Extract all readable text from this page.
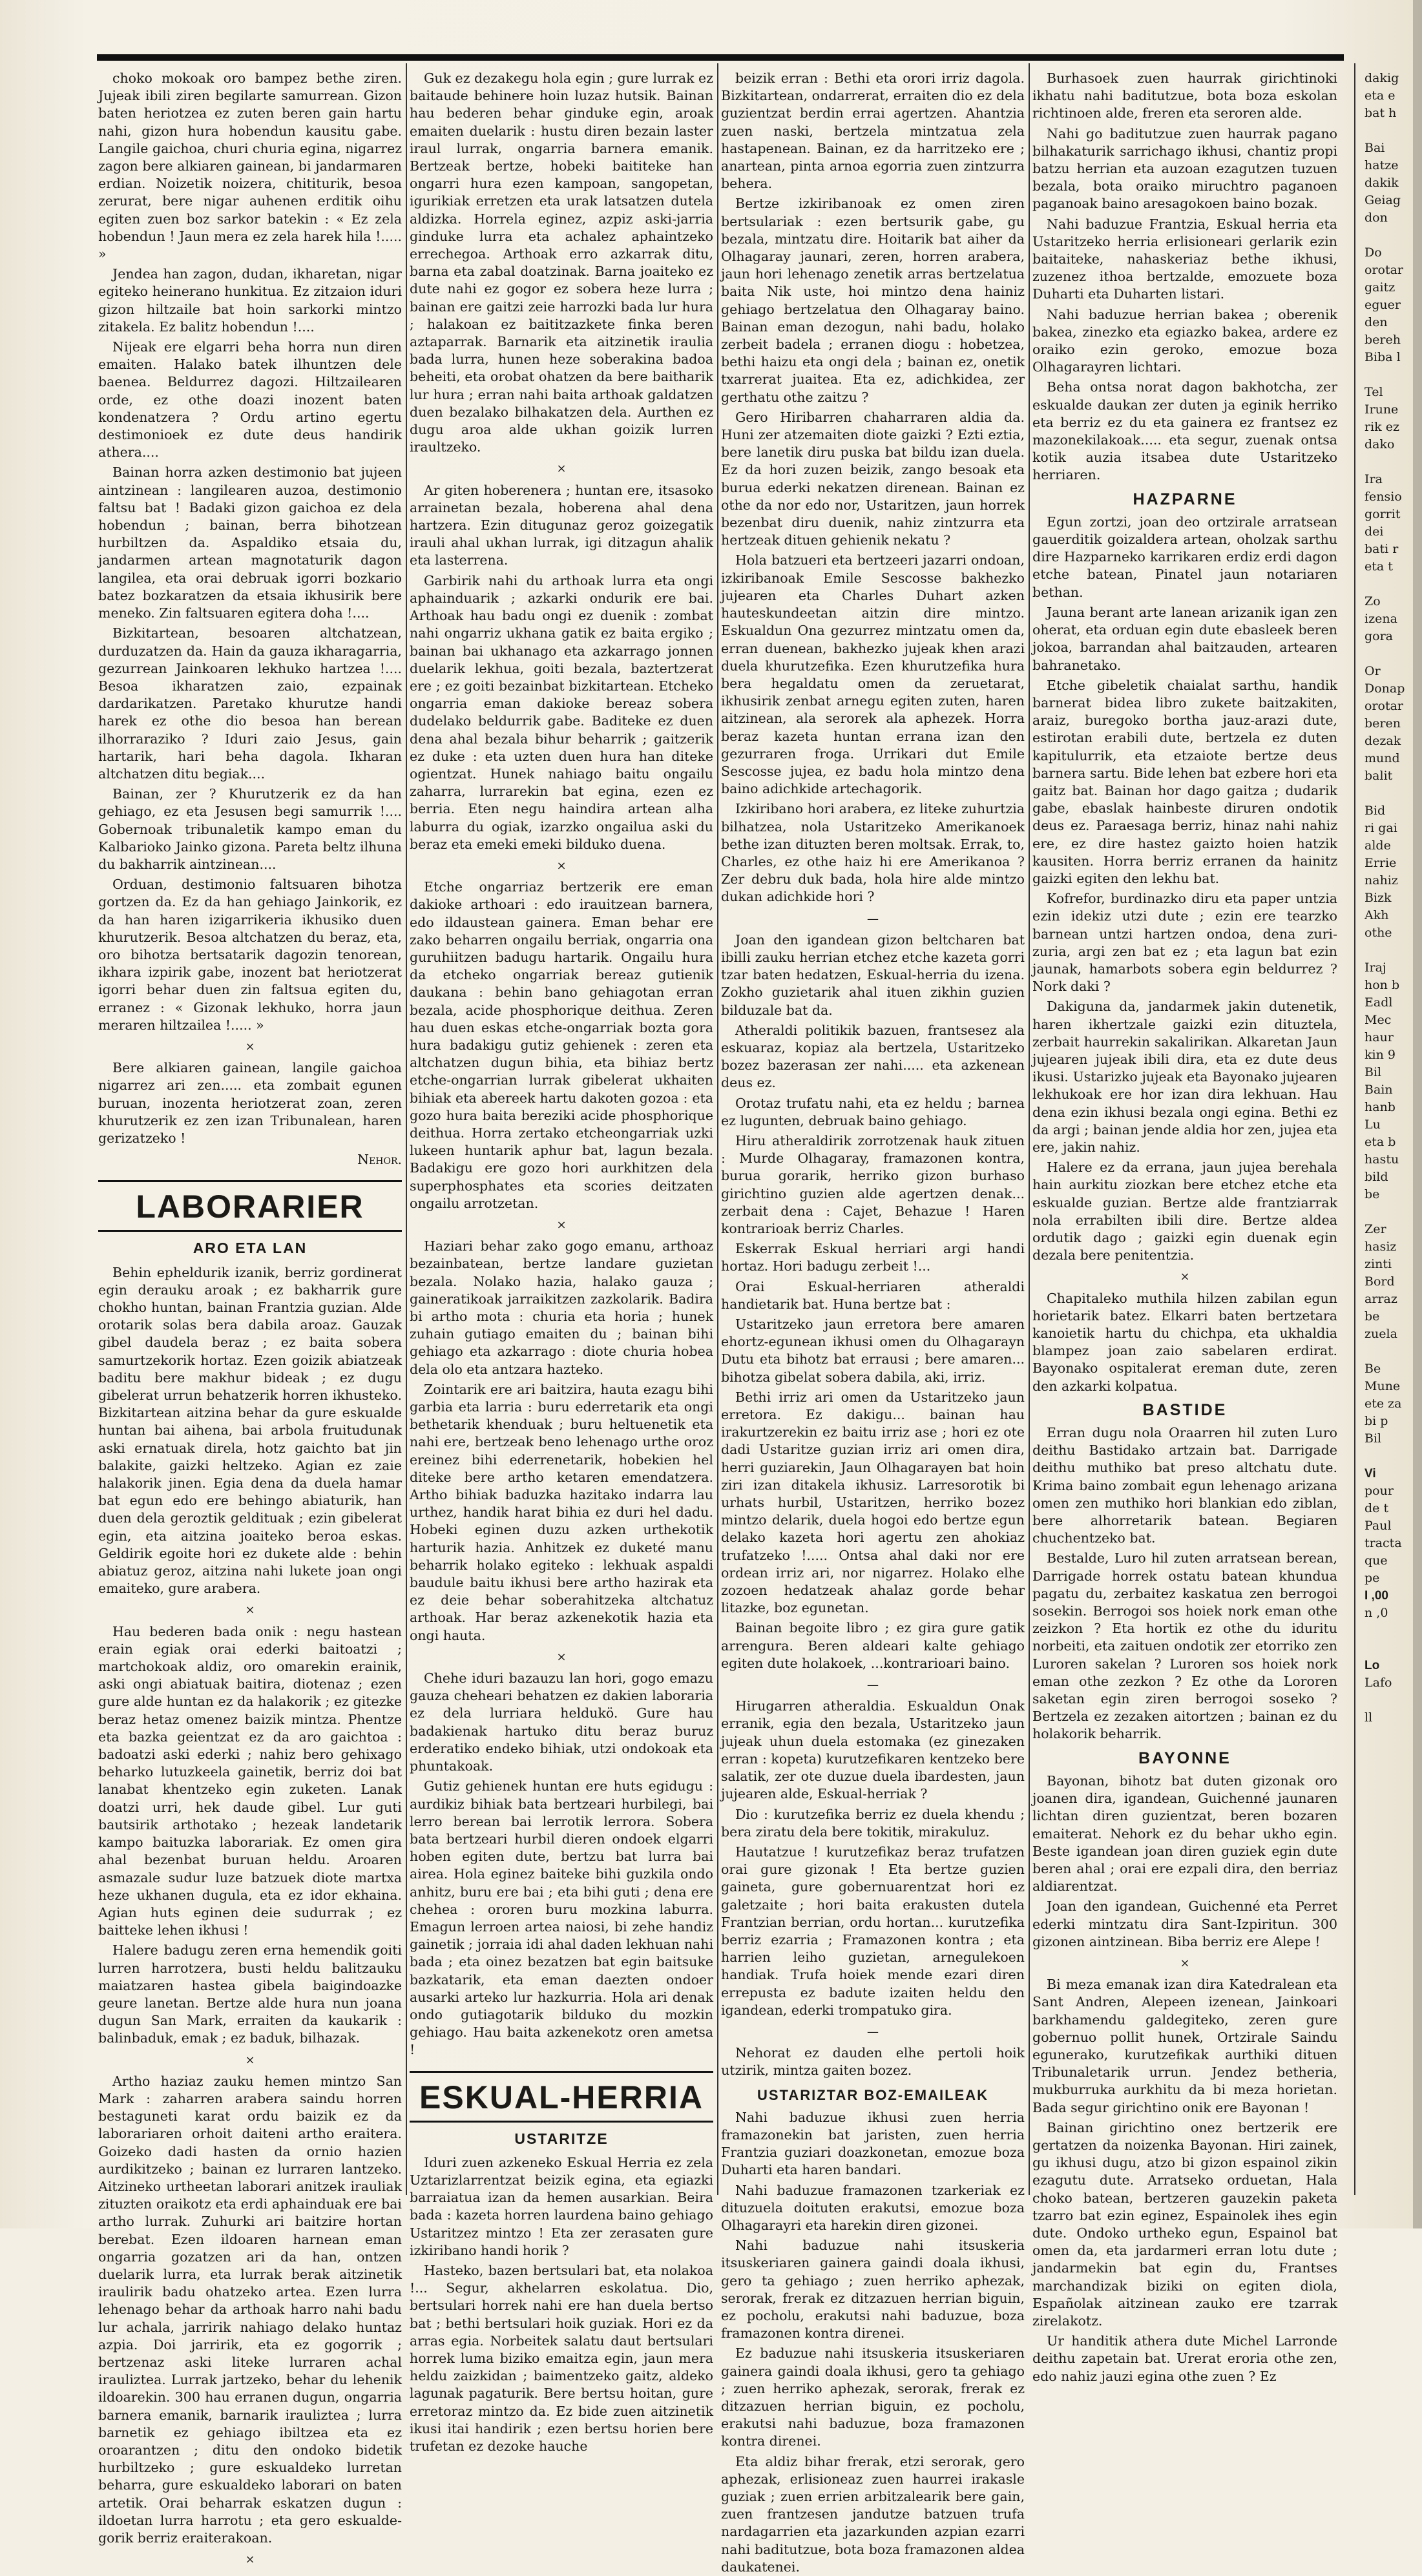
choko mokoak oro bampez bethe ziren. Jujeak ibili ziren begilarte samurrean. Gizon baten heriotzea ez zuten beren gain hartu nahi, gizon hura hobendun kausitu gabe. Langile gaichoa, churi churia egina, nigarrez zagon bere alkiaren gainean, bi jandarmaren erdian. Noizetik noizera, chititurik, besoa zerurat, bere nigar auhenen erditik oihu egiten zuen boz sarkor batekin : « Ez zela hobendun ! Jaun mera ez zela harek hila !..... »

Jendea han zagon, dudan, ikharetan, nigar egiteko heinerano hunkitua. Ez zitzaion iduri gizon hiltzaile bat hoin sarkorki mintzo zitakela. Ez balitz hobendun !....

Nijeak ere elgarri beha horra nun diren emaiten. Halako batek ilhuntzen dele baenea. Beldurrez dagozi. Hiltzailearen orde, ez othe doazi inozent baten kondenatzera ? Ordu artino egertu destimonioek ez dute deus handirik athera....

Bainan horra azken destimonio bat jujeen aintzinean : langilearen auzoa, destimonio faltsu bat ! Badaki gizon gaichoa ez dela hobendun ; bainan, berra bihotzean hurbiltzen da. Aspaldiko etsaia du, jandarmen artean magnotaturik dagon langilea, eta orai debruak igorri bozkario batez bozkaratzen da etsaia ikhusirik bere meneko. Zin faltsuaren egitera doha !....

Bizkitartean, besoaren altchatzean, durduzatzen da. Hain da gauza ikharagarria, gezurrean Jainkoaren lekhuko hartzea !.... Besoa ikharatzen zaio, ezpainak dardarikatzen. Paretako khurutze handi harek ez othe dio besoa han berean ilhorraraziko ? Iduri zaio Jesus, gain hartarik, hari beha dagola. Ikharan altchatzen ditu begiak....

Bainan, zer ? Khurutzerik ez da han gehiago, ez eta Jesusen begi samurrik !.... Gobernoak tribunaletik kampo eman du Kalbarioko Jainko gizona. Pareta beltz ilhuna du bakharrik aintzinean....

Orduan, destimonio faltsuaren bihotza gortzen da. Ez da han gehiago Jainkorik, ez da han haren izigarrikeria ikhusiko duen khurutzerik. Besoa altchatzen du beraz, eta, oro bihotza bertsatarik dagozin tenorean, ikhara izpirik gabe, inozent bat heriotzerat igorri behar duen zin faltsua egiten du, erranez : « Gizonak lekhuko, horra jaun meraren hiltzailea !..... »

×

Bere alkiaren gainean, langile gaichoa nigarrez ari zen..... eta zombait egunen buruan, inozenta heriotzerat zoan, zeren khurutzerik ez zen izan Tribunalean, haren gerizatzeko !

Nehor.
LABORARIER
ARO ETA LAN

Behin epheldurik izanik, berriz gordinerat egin derauku aroak ; ez bakharrik gure chokho huntan, bainan Frantzia guzian. Alde orotarik solas bera dabila aroaz. Gauzak gibel daudela beraz ; ez baita sobera samurtzekorik hortaz. Ezen goizik abiatzeak baditu bere makhur bideak ; ez dugu gibelerat urrun behatzerik horren ikhusteko. Bizkitartean aitzina behar da gure eskualde huntan bai aihena, bai arbola fruitudunak aski ernatuak direla, hotz gaichto bat jin balakite, gaizki heltzeko. Agian ez zaie halakorik jinen. Egia dena da duela hamar bat egun edo ere behingo abiaturik, han duen dela geroztik geldituak ; ezin gibelerat egin, eta aitzina joaiteko beroa eskas. Geldirik egoite hori ez dukete alde : behin abiatuz geroz, aitzina nahi lukete joan ongi emaiteko, gure arabera.

×

Hau bederen bada onik : negu hastean erain egiak orai ederki baitoatzi ; martchokoak aldiz, oro omarekin erainik, aski ongi abiatuak baitira, diotenaz ; ezen gure alde huntan ez da halakorik ; ez gitezke beraz hetaz omenez baizik mintza. Phentze eta bazka geientzat ez da aro gaichtoa : badoatzi aski ederki ; nahiz bero gehixago beharko lutuzkeela gainetik, berriz doi bat lanabat khentzeko egin zuketen. Lanak doatzi urri, hek daude gibel. Lur guti bautsirik arthotako ; hezeak landetarik kampo baituzka laborariak. Ez omen gira ahal bezenbat buruan heldu. Aroaren asmazale sudur luze batzuek diote martxa heze ukhanen dugula, eta ez idor ekhaina. Agian huts eginen deie sudurrak ; ez baitteke lehen ikhusi !

Halere badugu zeren erna hemendik goiti lurren harrotzera, busti heldu balitzauku maiatzaren hastea gibela baigindoazke geure lanetan. Bertze alde hura nun joana dugun San Mark, erraiten da kaukarik : balinbaduk, emak ; ez baduk, bilhazak.

×

Artho haziaz zauku hemen mintzo San Mark : zaharren arabera saindu horren bestaguneti karat ordu baizik ez da laborariaren orhoit daiteni artho eraitera. Goizeko dadi hasten da ornio hazien aurdikitzeko ; bainan ez lurraren lantzeko. Aitzineko urtheetan laborari anitzek irauliak zituzten oraikotz eta erdi aphainduak ere bai artho lurrak. Zuhurki ari baitzire hortan berebat. Ezen ildoaren harnean eman ongarria gozatzen ari da han, ontzen duelarik lurra, eta lurrak berak aitzinetik iraulirik badu ohatzeko artea. Ezen lurra lehenago behar da arthoak harro nahi badu lur achala, jarririk nahiago delako huntaz azpia. Doi jarririk, eta ez gogorrik ; bertzenaz aski liteke lurraren achal irauliztea. Lurrak jartzeko, behar du lehenik ildoarekin. 300 hau erranen dugun, ongarria barnera emanik, barnarik irauliztea ; lurra barnetik ez gehiago ibiltzea eta ez oroarantzen ; ditu den ondoko bidetik hurbiltzeko ; gure eskualdeko lurretan beharra, gure eskualdeko laborari on baten artetik. Orai beharrak eskatzen dugun : ildoetan lurra harrotu ; eta gero eskualde-gorik berriz eraiterakoan.

×

Guk ez dezakegu hola egin ; gure lurrak ez baitaude behinere hoin luzaz hutsik. Bainan hau bederen behar ginduke egin, aroak emaiten duelarik : hustu diren bezain laster iraul lurrak, ongarria barnera emanik. Bertzeak bertze, hobeki baititeke han ongarri hura ezen kampoan, sangopetan, igurikiak erretzen eta urak latsatzen dutela aldizka. Horrela eginez, azpiz aski-jarria ginduke lurra eta achalez aphaintzeko errechegoa. Arthoak erro azkarrak ditu, barna eta zabal doatzinak. Barna joaiteko ez dute nahi ez gogor ez sobera heze lurra ; bainan ere gaitzi zeie harrozki bada lur hura ; halakoan ez baititzazkete finka beren aztaparrak. Barnarik eta aitzinetik iraulia bada lurra, hunen heze soberakina badoa beheiti, eta orobat ohatzen da bere baitharik lur hura ; erran nahi baita arthoak galdatzen duen bezalako bilhakatzen dela. Aurthen ez dugu aroa alde ukhan goizik lurren iraultzeko.

×

Ar giten hoberenera ; huntan ere, itsasoko arrainetan bezala, hoberena ahal dena hartzera. Ezin ditugunaz geroz goizegatik irauli ahal ukhan lurrak, igi ditzagun ahalik eta lasterrena.

Garbirik nahi du arthoak lurra eta ongi aphainduarik ; azkarki ondurik ere bai. Arthoak hau badu ongi ez duenik : zombat nahi ongarriz ukhana gatik ez baita ergiko ; bainan bai ukhanago eta azkarrago jonnen duelarik lekhua, goiti bezala, baztertzerat ere ; ez goiti bezainbat bizkitartean. Etcheko ongarria eman dakioke bereaz sobera dudelako beldurrik gabe. Baditeke ez duen dena ahal bezala bihur beharrik ; gaitzerik ez duke : eta uzten duen hura han diteke ogientzat. Hunek nahiago baitu ongailu zaharra, lurrarekin bat egina, ezen ez berria. Eten negu haindira artean alha laburra du ogiak, izarzko ongailua aski du beraz eta emeki emeki bilduko duena.

×

Etche ongarriaz bertzerik ere eman dakioke arthoari : edo irauitzean barnera, edo ildaustean gainera. Eman behar ere zako beharren ongailu berriak, ongarria ona guruhiitzen badugu hartarik. Ongailu hura da etcheko ongarriak bereaz gutienik daukana : behin bano gehiagotan erran bezala, acide phosphorique deithua. Zeren hau duen eskas etche-ongarriak bozta gora hura badakigu gutiz gehienek : zeren eta altchatzen dugun bihia, eta bihiaz bertz etche-ongarrian lurrak gibelerat ukhaiten bihiak eta abereek hartu dakoten gozoa : eta gozo hura baita bereziki acide phosphorique deithua. Horra zertako etcheongarriak uzki lukeen huntarik aphur bat, lagun bezala. Badakigu ere gozo hori aurkhitzen dela superphosphates eta scories deitzaten ongailu arrotzetan.

×

Haziari behar zako gogo emanu, arthoaz bezainbatean, bertze landare guzietan bezala. Nolako hazia, halako gauza ; gaineratikoak jarraikitzen zazkolarik. Badira bi artho mota : churia eta horia ; hunek zuhain gutiago emaiten du ; bainan bihi gehiago eta azkarrago : diote churia hobea dela olo eta antzara hazteko.

Zointarik ere ari baitzira, hauta ezagu bihi garbia eta larria : buru ederretarik eta ongi bethetarik khenduak ; buru heltuenetik eta nahi ere, bertzeak beno lehenago urthe oroz ereinez bihi ederrenetarik, hobekien hel diteke bere artho ketaren emendatzera. Artho bihiak baduzka hazitako indarra lau urthez, handik harat bihia ez duri hel dadu. Hobeki eginen duzu azken urthekotik harturik hazia. Anhitzek ez duketé manu beharrik holako egiteko : lekhuak aspaldi baudule baitu ikhusi bere artho hazirak eta ez deie behar soberahitzeka altchatuz arthoak. Har beraz azkenekotik hazia eta ongi hauta.

×

Chehe iduri bazauzu lan hori, gogo emazu gauza cheheari behatzen ez dakien laboraria ez dela lurriara heldukö. Gure hau badakienak hartuko ditu beraz buruz erderatiko endeko bihiak, utzi ondokoak eta phuntakoak.

Gutiz gehienek huntan ere huts egidugu : aurdikiz bihiak bata bertzeari hurbilegi, bai lerro berean bai lerrotik lerrora. Sobera bata bertzeari hurbil dieren ondoek elgarri hoben egiten dute, bertzu bat lurra bai airea. Hola eginez baiteke bihi guzkila ondo anhitz, buru ere bai ; eta bihi guti ; dena ere chehea : ororen buru mozkina laburra. Emagun lerroen artea naiosi, bi zehe handiz gainetik ; jorraia idi ahal daden lekhuan nahi bada ; eta oinez bezatzen bat egin baitsuke bazkatarik, eta eman daezten ondoer ausarki arteko lur hazkurria. Hola ari denak ondo gutiagotarik bilduko du mozkin gehiago. Hau baita azkenekotz oren ametsa !

ESKUAL-HERRIA
USTARITZE

Iduri zuen azkeneko Eskual Herria ez zela Uztarizlarrentzat beizik egina, eta egiazki barraiatua izan da hemen ausarkian. Beira bada : kazeta horren laurdena baino gehiago Ustaritzez mintzo ! Eta zer zerasaten gure izkiribano handi horik ?

Hasteko, bazen bertsulari bat, eta nolakoa !... Segur, akhelarren eskolatua. Dio, bertsulari horrek nahi ere han duela bertso bat ; bethi bertsulari hoik guziak. Hori ez da arras egia. Norbeitek salatu daut bertsulari horrek luma biziko emaitza egin, jaun mera heldu zaizkidan ; baimentzeko gaitz, aldeko lagunak pagaturik. Bere bertsu hoitan, gure erretoraz mintzo da. Ez bide zuen aitzinetik ikusi itai handirik ; ezen bertsu horien bere trufetan ez dezoke hauche

beizik erran : Bethi eta orori irriz dagola. Bizkitartean, ondarrerat, erraiten dio ez dela guzientzat berdin errai agertzen. Ahantzia zuen naski, bertzela mintzatua zela hastapenean. Bainan, ez da harritzeko ere ; anartean, pinta arnoa egorria zuen zintzurra behera.

Bertze izkiribanoak ez omen ziren bertsulariak : ezen bertsurik gabe, gu bezala, mintzatu dire. Hoitarik bat aiher da Olhagaray jaunari, zeren, horren arabera, jaun hori lehenago zenetik arras bertzelatua baita Nik uste, hoi mintzo dena hainiz gehiago bertzelatua den Olhagaray baino. Bainan eman dezogun, nahi badu, holako zerbeit badela ; erranen diogu : hobetzea, bethi haizu eta ongi dela ; bainan ez, onetik txarrerat juaitea. Eta ez, adichkidea, zer gerthatu othe zaitzu ?

Gero Hiribarren chaharraren aldia da. Huni zer atzemaiten diote gaizki ? Ezti eztia, bere lanetik diru puska bat bildu izan duela. Ez da hori zuzen beizik, zango besoak eta burua ederki nekatzen direnean. Bainan ez othe da nor edo nor, Ustaritzen, jaun horrek bezenbat diru duenik, nahiz zintzurra eta hertzeak dituen gehienik nekatu ?

Hola batzueri eta bertzeeri jazarri ondoan, izkiribanoak Emile Sescosse bakhezko jujearen eta Charles Duhart azken hauteskundeetan aitzin dire mintzo. Eskualdun Ona gezurrez mintzatu omen da, erran duenean, bakhezko jujeak khen arazi duela khurutzefika. Ezen khurutzefika hura bera hegaldatu omen da zeruetarat, ikhusirik zenbat arnegu egiten zuten, haren aitzinean, ala serorek ala aphezek. Horra beraz kazeta huntan errana izan den gezurraren froga. Urrikari dut Emile Sescosse jujea, ez badu hola mintzo dena baino adichkide artechagorik.

Izkiribano hori arabera, ez liteke zuhurtzia bilhatzea, nola Ustaritzeko Amerikanoek bethe izan dituzten beren moltsak. Errak, to, Charles, ez othe haiz hi ere Amerikanoa ? Zer debru duk bada, hola hire alde mintzo dukan adichkide hori ?

—

Joan den igandean gizon beltcharen bat ibilli zauku herrian etchez etche kazeta gorri tzar baten hedatzen, Eskual-herria du izena. Zokho guzietarik ahal ituen zikhin guzien bilduzale bat da.

Atheraldi politikik bazuen, frantsesez ala eskuaraz, kopiaz ala bertzela, Ustaritzeko bozez bazerasan zer nahi..... eta azkenean deus ez.

Orotaz trufatu nahi, eta ez heldu ; barnea ez lugunten, debruak baino gehiago.

Hiru atheraldirik zorrotzenak hauk zituen : Murde Olhagaray, framazonen kontra, burua gorarik, herriko gizon burhaso girichtino guzien alde agertzen denak... zerbait dena : Cajet, Behazue ! Haren kontrarioak berriz Charles.

Eskerrak Eskual herriari argi handi hortaz. Hori badugu zerbeit !...

Orai Eskual-herriaren atheraldi handietarik bat. Huna bertze bat :

Ustaritzeko jaun erretora bere amaren ehortz-egunean ikhusi omen du Olhagarayn Dutu eta bihotz bat errausi ; bere amaren... bihotza gibelat sobera dabila, aki, irriz.

Bethi irriz ari omen da Ustaritzeko jaun erretora. Ez dakigu... bainan hau irakurtzerekin ez baitu irriz ase ; hori ez ote dadi Ustaritze guzian irriz ari omen dira, herri guziarekin, Jaun Olhagarayen bat hoin ziri izan ditakela ikhusiz. Larresorotik bi urhats hurbil, Ustaritzen, herriko bozez mintzo delarik, duela hogoi edo bertze egun delako kazeta hori agertu zen ahokiaz trufatzeko !..... Ontsa ahal daki nor ere ordean irriz ari, nor nigarrez. Holako elhe zozoen hedatzeak ahalaz gorde behar litazke, boz egunetan.

Bainan begoite libro ; ez gira gure gatik arrengura. Beren aldeari kalte gehiago egiten dute holakoek, ...kontrarioari baino.

—

Hirugarren atheraldia. Eskualdun Onak erranik, egia den bezala, Ustaritzeko jaun jujeak uhun duela estomaka (ez ginezaken erran : kopeta) kurutzefikaren kentzeko bere salatik, zer ote duzue duela ibardesten, jaun jujearen alde, Eskual-herriak ?

Dio : kurutzefika berriz ez duela khendu ; bera ziratu dela bere tokitik, mirakuluz.

Hautatzue ! kurutzefikaz beraz trufatzen orai gure gizonak ! Eta bertze guzien gaineta, gure gobernuarentzat hori ez galetzaite ; hori baita erakusten dutela Frantzian berrian, ordu hortan... kurutzefika berriz ezarria ; Framazonen kontra ; eta harrien leiho guzietan, arnegulekoen handiak. Trufa hoiek mende ezari diren errepusta ez badute izaiten heldu den igandean, ederki trompatuko gira.

—

Nehorat ez dauden elhe pertoli hoik utzirik, mintza gaiten bozez.

USTARIZTAR BOZ-EMAILEAK

Nahi baduzue ikhusi zuen herria framazonekin bat jaristen, zuen herria Frantzia guziari doazkonetan, emozue boza Duharti eta haren bandari.

Nahi baduzue framazonen tzarkeriak ez dituzuela doituten erakutsi, emozue boza Olhagarayri eta harekin diren gizonei.

Nahi baduzue nahi itsuskeria itsuskeriaren gainera gaindi doala ikhusi, gero ta gehiago ; zuen herriko aphezak, serorak, frerak ez ditzazuen herrian biguin, ez pocholu, erakutsi nahi baduzue, boza framazonen kontra direnei.

Ez baduzue nahi itsuskeria itsuskeriaren gainera gaindi doala ikhusi, gero ta gehiago ; zuen herriko aphezak, serorak, frerak ez ditzazuen herrian biguin, ez pocholu, erakutsi nahi baduzue, boza framazonen kontra direnei.

Eta aldiz bihar frerak, etzi serorak, gero aphezak, erlisioneaz zuen haurrei irakasle guziak ; zuen errien arbitzalearik bere gain, zuen frantzesen jandutze batzuen trufa nardagarrien eta jazarkunden azpian ezarri nahi baditutzue, bota boza framazonen aldea daukatenei.

Burhasoek zuen haurrak girichtinoki ikhatu nahi baditutzue, bota boza eskolan richtinoen alde, freren eta seroren alde.

Nahi go baditutzue zuen haurrak pagano bilhakaturik sarrichago ikhusi, chantiz propi batzu herrian eta auzoan ezagutzen tuzuen bezala, bota oraiko miruchtro paganoen paganoak baino aresagokoen baino bozak.

Nahi baduzue Frantzia, Eskual herria eta Ustaritzeko herria erlisioneari gerlarik ezin baitaiteke, nahaskeriaz bethe ikhusi, zuzenez ithoa bertzalde, emozuete boza Duharti eta Duharten listari.

Nahi baduzue herrian bakea ; oberenik bakea, zinezko eta egiazko bakea, ardere ez oraiko ezin geroko, emozue boza Olhagarayren lichtari.

Beha ontsa norat dagon bakhotcha, zer eskualde daukan zer duten ja eginik herriko eta berriz ez du eta gainera ez frantsez ez mazonekilakoak..... eta segur, zuenak ontsa kotik auzia itsabea dute Ustaritzeko herriaren.

HAZPARNE

Egun zortzi, joan deo ortzirale arratsean gauerditik goizaldera artean, oholzak sarthu dire Hazparneko karrikaren erdiz erdi dagon etche batean, Pinatel jaun notariaren bethan.

Jauna berant arte lanean arizanik igan zen oherat, eta orduan egin dute ebasleek beren jokoa, barrandan ahal baitzauden, artearen bahranetako.

Etche gibeletik chaialat sarthu, handik barnerat bidea libro zukete baitzakiten, araiz, buregoko bortha jauz-arazi dute, estirotan erabili dute, bertzela ez duten kapitulurrik, eta etzaiote bertze deus barnera sartu. Bide lehen bat ezbere hori eta gaitz bat. Bainan hor dago gaitza ; dudarik gabe, ebaslak hainbeste diruren ondotik deus ez. Paraesaga berriz, hinaz nahi nahiz ere, ez dire hastez gaizto hoien hatzik kausiten. Horra berriz erranen da hainitz gaizki egiten den lekhu bat.

Kofrefor, burdinazko diru eta paper untzia ezin idekiz utzi dute ; ezin ere tearzko barnean untzi hartzen ondoa, dena zuri-zuria, argi zen bat ez ; eta lagun bat ezin jaunak, hamarbots sobera egin beldurrez ? Nork daki ?

Dakiguna da, jandarmek jakin dutenetik, haren ikhertzale gaizki ezin dituztela, zerbait haurrekin sakalirikan. Alkaretan Jaun jujearen jujeak ibili dira, eta ez dute deus ikusi. Ustarizko jujeak eta Bayonako jujearen lekhukoak ere hor izan dira lekhuan. Hau dena ezin ikhusi bezala ongi egina. Bethi ez da argi ; bainan jende aldia hor zen, jujea eta ere, jakin nahiz.

Halere ez da errana, jaun jujea berehala hain aurkitu ziozkan bere etchez etche eta eskualde guzian. Bertze alde frantziarrak nola errabilten ibili dire. Bertze aldea ordutik dago ; gaizki egin duenak egin dezala bere penitentzia.

×

Chapitaleko muthila hilzen zabilan egun horietarik batez. Elkarri baten bertzetara kanoietik hartu du chichpa, eta ukhaldia blampez joan zaio sabelaren erdirat. Bayonako ospitalerat ereman dute, zeren den azkarki kolpatua.

BASTIDE

Erran dugu nola Oraarren hil zuten Luro deithu Bastidako artzain bat. Darrigade deithu muthiko bat preso altchatu dute. Krima baino zombait egun lehenago arizana omen zen muthiko hori blankian edo ziblan, bere alhorretarik batean. Begiaren chuchentzeko bat.

Bestalde, Luro hil zuten arratsean berean, Darrigade horrek ostatu batean khundua pagatu du, zerbaitez kaskatua zen berrogoi sosekin. Berrogoi sos hoiek nork eman othe zeizkon ? Eta hortik ez othe du iduritu norbeiti, eta zaituen ondotik zer etorriko zen Luroren sakelan ? Luroren sos hoiek nork eman othe zezkon ? Ez othe da Lororen saketan egin ziren berrogoi soseko ? Bertzela ez zezaken aitortzen ; bainan ez du holakorik beharrik.

BAYONNE

Bayonan, bihotz bat duten gizonak oro joanen dira, igandean, Guichenné jaunaren lichtan diren guzientzat, beren bozaren emaiterat. Nehork ez du behar ukho egin. Beste igandean joan diren guziek egin dute beren ahal ; orai ere ezpali dira, den berriaz aldiarentzat.

Joan den igandean, Guichenné eta Perret ederki mintzatu dira Sant-Izpiritun. 300 gizonen aintzinean. Biba berriz ere Alepe !

×

Bi meza emanak izan dira Katedralean eta Sant Andren, Alepeen izenean, Jainkoari barkhamendu galdegiteko, zeren gure gobernuo pollit hunek, Ortzirale Saindu egunerako, kurutzefikak aurthiki dituen Tribunaletarik urrun. Jendez betheria, mukburruka aurkhitu da bi meza horietan. Bada segur girichtino onik ere Bayonan !

Bainan girichtino onez bertzerik ere gertatzen da noizenka Bayonan. Hiri zainek, gu ikhusi dugu, atzo bi gizon espainol zikin ezagutu dute. Arratseko orduetan, Hala choko batean, bertzeren gauzekin paketa tzarro bat ezin eginez, Espainolek ihes egin dute. Ondoko urtheko egun, Espainol bat omen da, eta jardarmeri erran lotu dute ; jandarmekin bat egin du, Frantses marchandizak biziki on egiten diola, Españolak aitzinean zauko ere tzarrak zirelakotz.

Ur handitik athera dute Michel Larronde deithu zapetain bat. Urerat eroria othe zen, edo nahiz jauzi egina othe zuen ? Ez

dakig
eta e
bat h

Bai
hatze
dakik
Geiag
don

Do
orotar
gaitz
eguer
den
bereh
Biba l

Tel
Irune
rik ez
dako

Ira
fensio
gorrit
dei
bati r
eta t

Zo
izena
gora

Or
Donap
orotar
beren
dezak
mund
balit

Bid
ri gai
alde
Errie
nahiz
Bizk
Akh
othe

Iraj
hon b
Eadl
Mec
haur
kin 9
Bil
Bain
hanb
Lu
eta b
hastu
bild
be

Zer
hasiz
zinti
Bord
arraz
be
zuela

Be
Mune
ete za
bi p
Bil

Vi
pour
de t
Paul
tracta
que
pe
I ,00
n ,0

Lo
Lafo

ll
